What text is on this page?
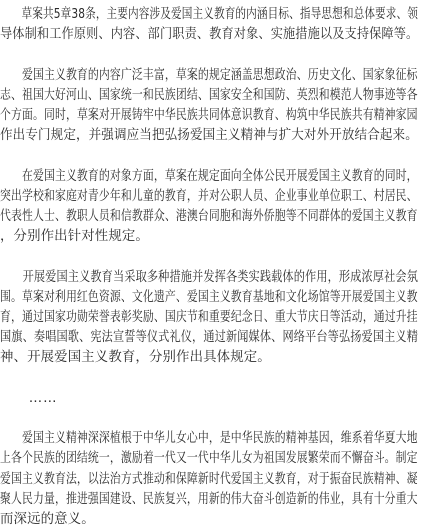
　　草案共5章38条，主要内容涉及爱国主义教育的内涵目标、指导思想和总体要求、领
导体制和工作原则、内容、部门职责、教育对象、实施措施以及支持保障等。
　　爱国主义教育的内容广泛丰富，草案的规定涵盖思想政治、历史文化、国家象征标
志、祖国大好河山、国家统一和民族团结、国家安全和国防、英烈和模范人物事迹等各
个方面。同时，草案对开展铸牢中华民族共同体意识教育、构筑中华民族共有精神家园
作出专门规定，并强调应当把弘扬爱国主义精神与扩大对外开放结合起来。
　　在爱国主义教育的对象方面，草案在规定面向全体公民开展爱国主义教育的同时，
突出学校和家庭对青少年和儿童的教育，并对公职人员、企业事业单位职工、村居民、
代表性人士、教职人员和信教群众、港澳台同胞和海外侨胞等不同群体的爱国主义教育
，分别作出针对性规定。
　　开展爱国主义教育当采取多种措施并发挥各类实践载体的作用，形成浓厚社会氛
围。草案对利用红色资源、文化遗产、爱国主义教育基地和文化场馆等开展爱国主义教
育，通过国家功勋荣誉表彰奖励、国庆节和重要纪念日、重大节庆日等活动，通过升挂
国旗、奏唱国歌、宪法宣誓等仪式礼仪，通过新闻媒体、网络平台等弘扬爱国主义精
神、开展爱国主义教育，分别作出具体规定。
　　……
　　爱国主义精神深深植根于中华儿女心中，是中华民族的精神基因，维系着华夏大地
上各个民族的团结统一，激励着一代又一代中华儿女为祖国发展繁荣而不懈奋斗。制定
爱国主义教育法，以法治方式推动和保障新时代爱国主义教育，对于振奋民族精神、凝
聚人民力量，推进强国建设、民族复兴，用新的伟大奋斗创造新的伟业，具有十分重大
而深远的意义。
